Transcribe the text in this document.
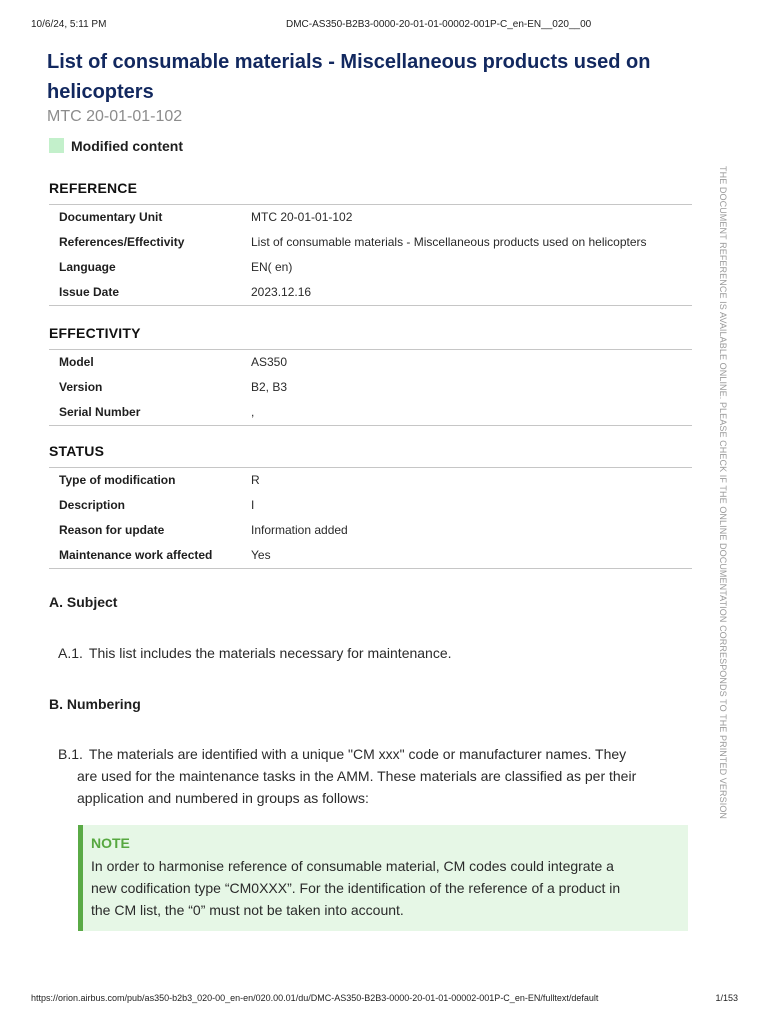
10/6/24, 5:11 PM	DMC-AS350-B2B3-0000-20-01-01-00002-001P-C_en-EN__020__00
List of consumable materials - Miscellaneous products used on helicopters
MTC 20-01-01-102
Modified content
REFERENCE
Documentary Unit	MTC 20-01-01-102
References/Effectivity	List of consumable materials - Miscellaneous products used on helicopters
Language	EN( en)
Issue Date	2023.12.16
EFFECTIVITY
Model	AS350
Version	B2, B3
Serial Number	,
STATUS
Type of modification	R
Description	I
Reason for update	Information added
Maintenance work affected	Yes
A. Subject
A.1. This list includes the materials necessary for maintenance.
B. Numbering
B.1. The materials are identified with a unique "CM xxx" code or manufacturer names. They
are used for the maintenance tasks in the AMM. These materials are classified as per their
application and numbered in groups as follows:
NOTE
In order to harmonise reference of consumable material, CM codes could integrate a
new codification type “CM0XXX”. For the identification of the reference of a product in
the CM list, the “0” must not be taken into account.
THE DOCUMENT REFERENCE IS AVAILABLE ONLINE. PLEASE CHECK IF THE ONLINE DOCUMENTATION CORRESPONDS TO THE PRINTED VERSION
https://orion.airbus.com/pub/as350-b2b3_020-00_en-en/020.00.01/du/DMC-AS350-B2B3-0000-20-01-01-00002-001P-C_en-EN/fulltext/default	1/153
